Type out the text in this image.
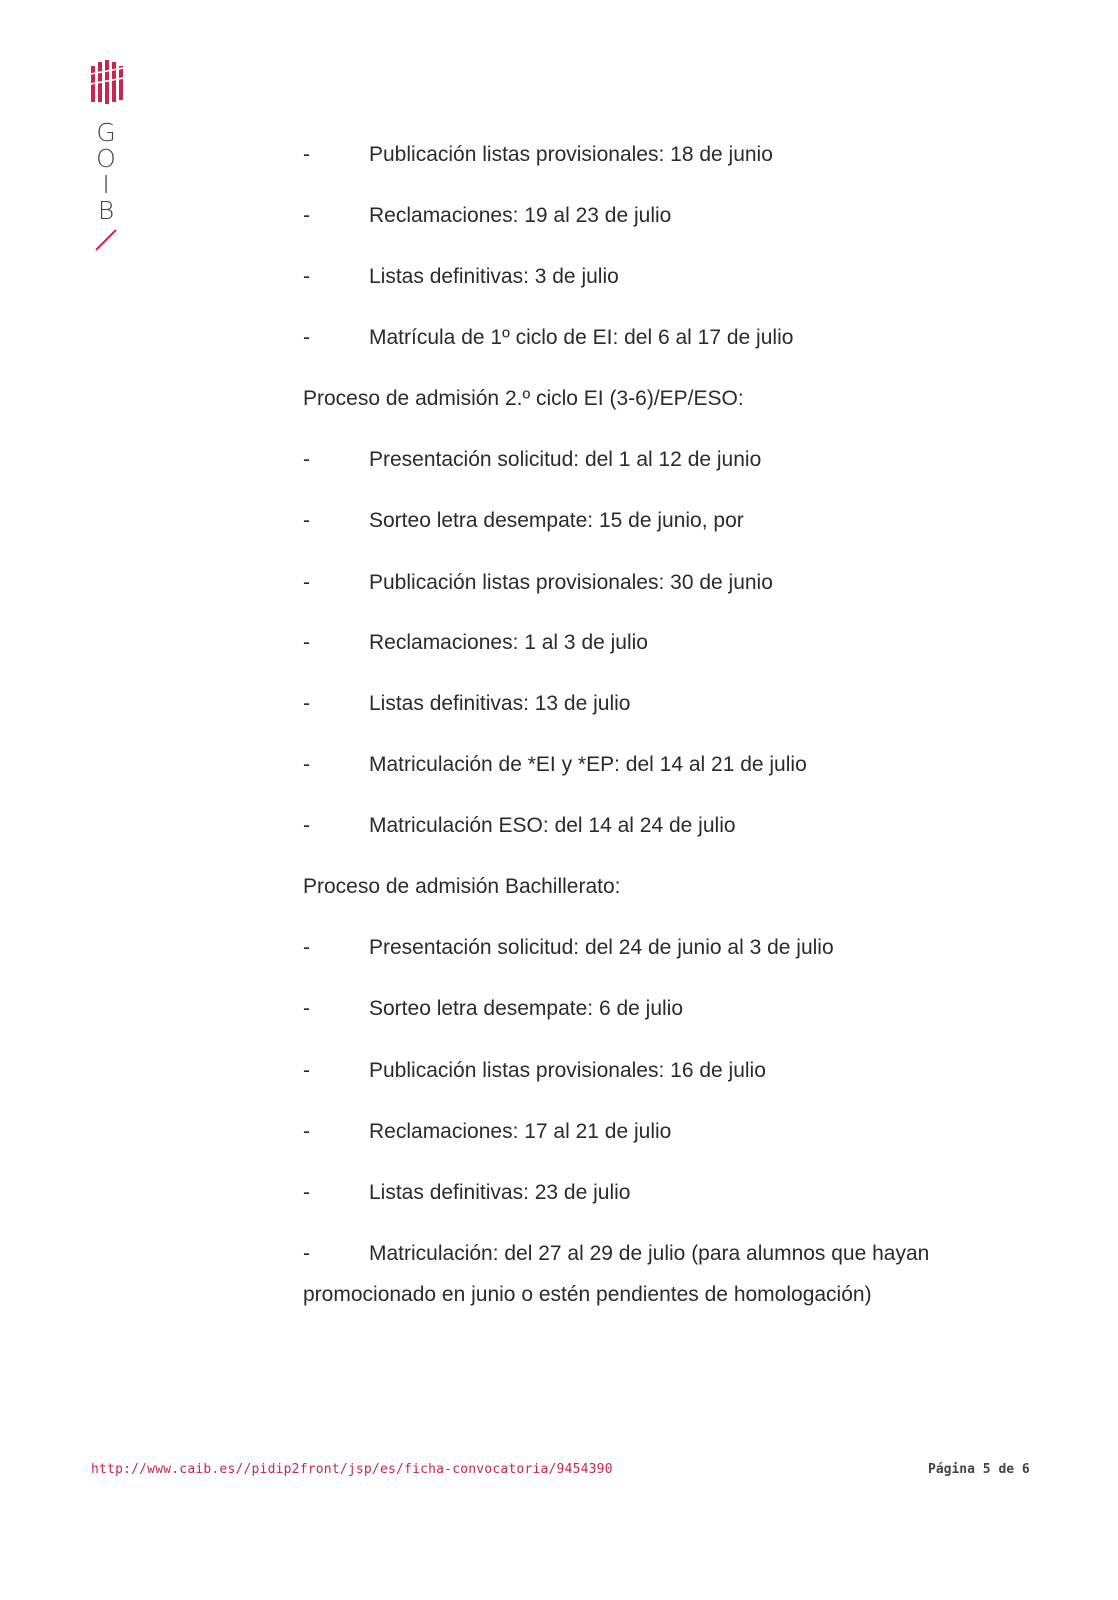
G
O
I
B
-	Publicación listas provisionales: 18 de junio
-	Reclamaciones: 19 al 23 de julio
-	Listas definitivas: 3 de julio
-	Matrícula de 1º ciclo de EI: del 6 al 17 de julio
Proceso de admisión 2.º ciclo EI (3-6)/EP/ESO:
-	Presentación solicitud: del 1 al 12 de junio
-	Sorteo letra desempate: 15 de junio, por
-	Publicación listas provisionales: 30 de junio
-	Reclamaciones: 1 al 3 de julio
-	Listas definitivas: 13 de julio
-	Matriculación de *EI y *EP: del 14 al 21 de julio
-	Matriculación ESO: del 14 al 24 de julio
Proceso de admisión Bachillerato:
-	Presentación solicitud: del 24 de junio al 3 de julio
-	Sorteo letra desempate: 6 de julio
-	Publicación listas provisionales: 16 de julio
-	Reclamaciones: 17 al 21 de julio
-	Listas definitivas: 23 de julio
-	Matriculación: del 27 al 29 de julio (para alumnos que hayan
promocionado en junio o estén pendientes de homologación)
http://www.caib.es//pidip2front/jsp/es/ficha-convocatoria/9454390	Página 5 de 6
